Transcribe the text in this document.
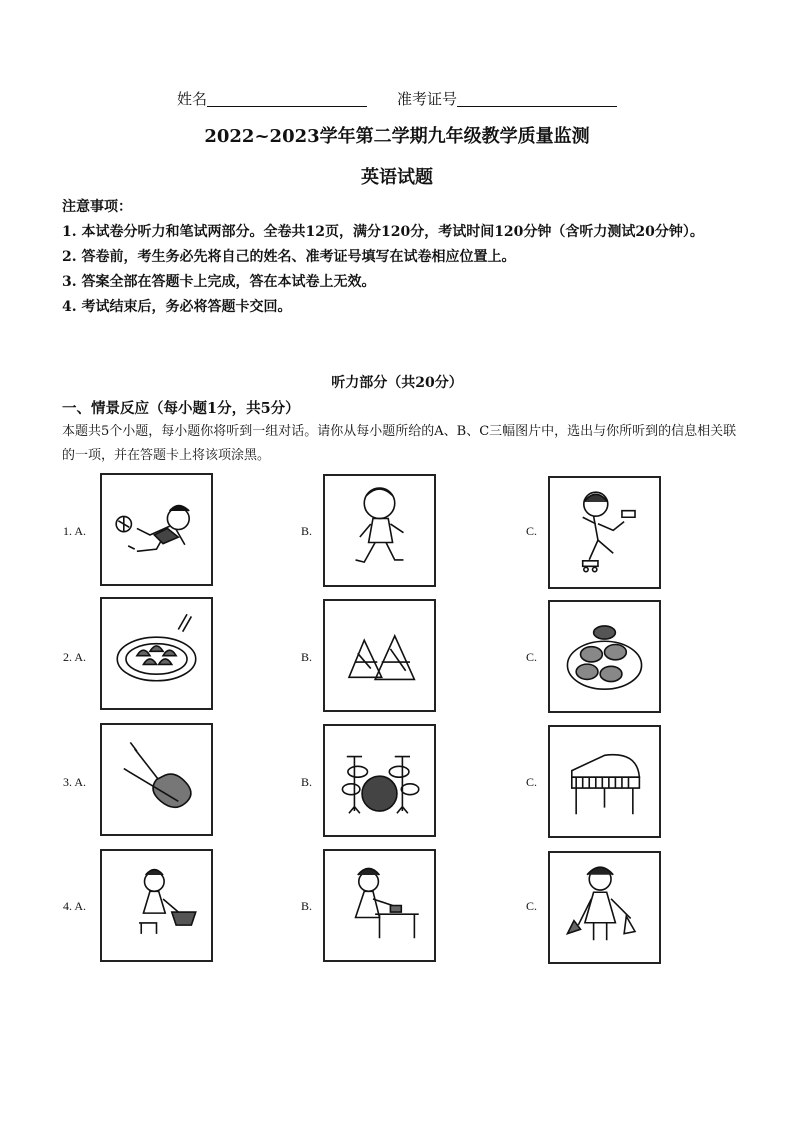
姓名	准考证号
2022~2023学年第二学期九年级教学质量监测
英语试题
注意事项：
1. 本试卷分听力和笔试两部分。全卷共12页，满分120分，考试时间120分钟（含听力测试20分钟）。
2. 答卷前，考生务必先将自己的姓名、准考证号填写在试卷相应位置上。
3. 答案全部在答题卡上完成，答在本试卷上无效。
4. 考试结束后，务必将答题卡交回。
听力部分（共20分）
一、情景反应（每小题1分，共5分）
本题共5个小题，每小题你将听到一组对话。请你从每小题所给的A、B、C三幅图片中，选出与你所听到的信息相关联的一项，并在答题卡上将该项涂黑。
1. A.	B.	C.
2. A.	B.	C.
3. A.	B.	C.
4. A.	B.	C.
